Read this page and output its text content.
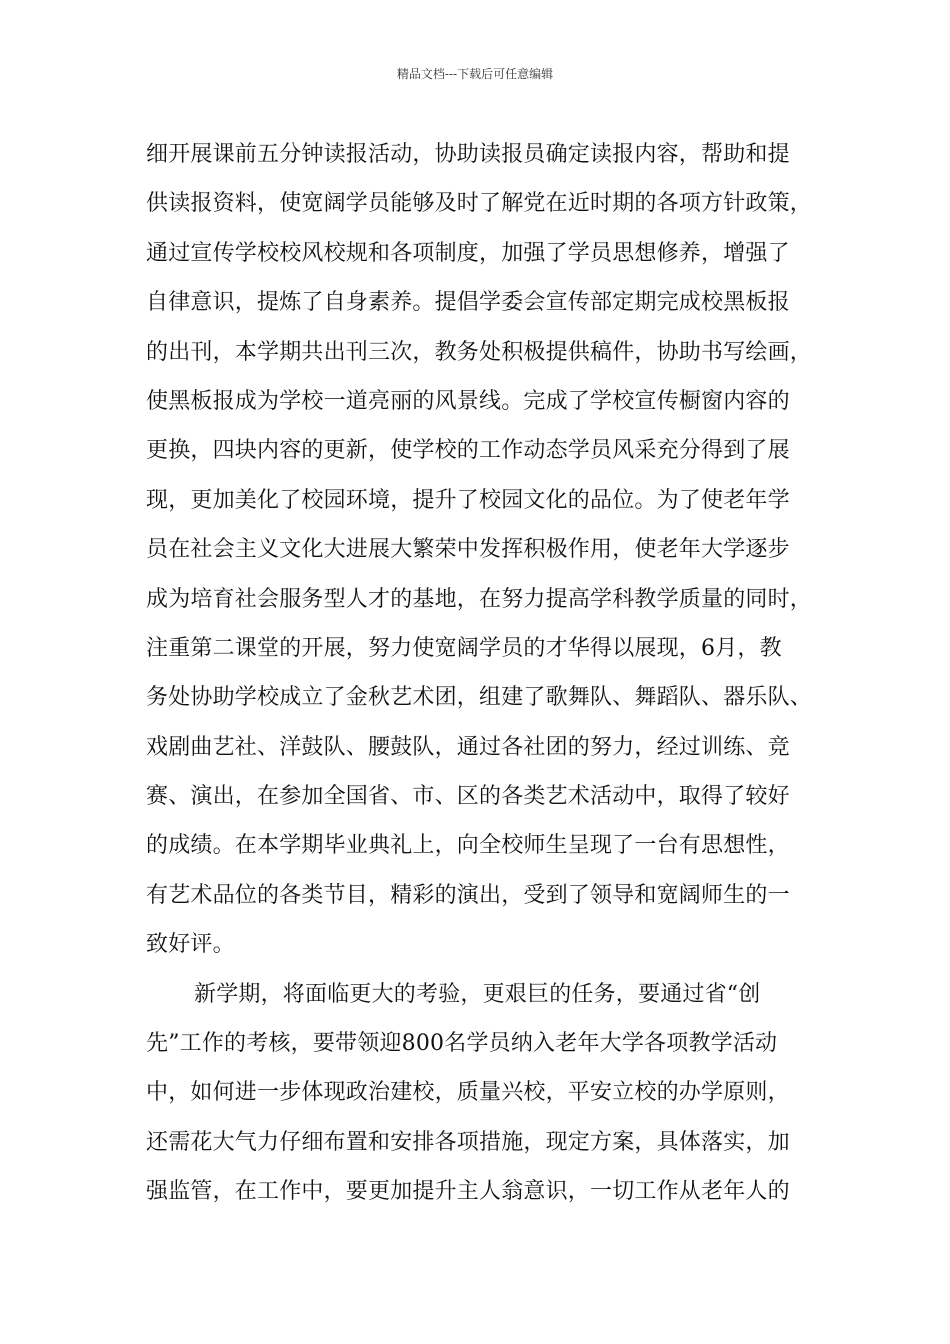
精品文档---下载后可任意编辑
细开展课前五分钟读报活动，协助读报员确定读报内容，帮助和提
供读报资料，使宽阔学员能够及时了解党在近时期的各项方针政策，
通过宣传学校校风校规和各项制度，加强了学员思想修养，增强了
自律意识，提炼了自身素养。提倡学委会宣传部定期完成校黑板报
的出刊，本学期共出刊三次，教务处积极提供稿件，协助书写绘画，
使黑板报成为学校一道亮丽的风景线。完成了学校宣传橱窗内容的
更换，四块内容的更新，使学校的工作动态学员风采充分得到了展
现，更加美化了校园环境，提升了校园文化的品位。为了使老年学
员在社会主义文化大进展大繁荣中发挥积极作用，使老年大学逐步
成为培育社会服务型人才的基地，在努力提高学科教学质量的同时，
注重第二课堂的开展，努力使宽阔学员的才华得以展现，6月，教
务处协助学校成立了金秋艺术团，组建了歌舞队、舞蹈队、器乐队、
戏剧曲艺社、洋鼓队、腰鼓队，通过各社团的努力，经过训练、竞
赛、演出，在参加全国省、市、区的各类艺术活动中，取得了较好
的成绩。在本学期毕业典礼上，向全校师生呈现了一台有思想性，
有艺术品位的各类节目，精彩的演出，受到了领导和宽阔师生的一
致好评。
新学期，将面临更大的考验，更艰巨的任务，要通过省“创
先”工作的考核，要带领迎800名学员纳入老年大学各项教学活动
中，如何进一步体现政治建校，质量兴校，平安立校的办学原则，
还需花大气力仔细布置和安排各项措施，现定方案，具体落实，加
强监管，在工作中，要更加提升主人翁意识，一切工作从老年人的
